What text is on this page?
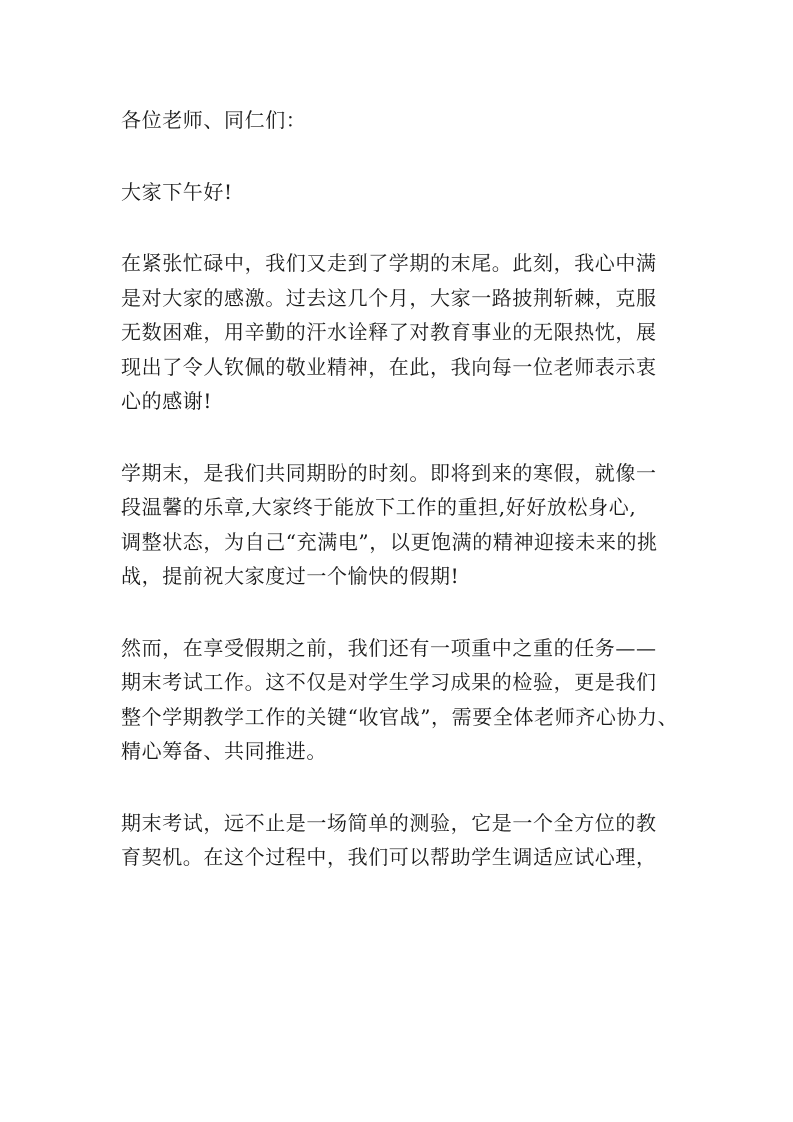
各位老师、同仁们：

大家下午好!

在紧张忙碌中，我们又走到了学期的末尾。此刻，我心中满
是对大家的感激。过去这几个月，大家一路披荆斩棘，克服
无数困难，用辛勤的汗水诠释了对教育事业的无限热忱，展
现出了令人钦佩的敬业精神，在此，我向每一位老师表示衷
心的感谢!

学期末，是我们共同期盼的时刻。即将到来的寒假，就像一
段温馨的乐章,大家终于能放下工作的重担,好好放松身心,
调整状态，为自己“充满电”，以更饱满的精神迎接未来的挑
战，提前祝大家度过一个愉快的假期!

然而，在享受假期之前，我们还有一项重中之重的任务——
期末考试工作。这不仅是对学生学习成果的检验，更是我们
整个学期教学工作的关键“收官战”，需要全体老师齐心协力、
精心筹备、共同推进。

期末考试，远不止是一场简单的测验，它是一个全方位的教
育契机。在这个过程中，我们可以帮助学生调适应试心理，
